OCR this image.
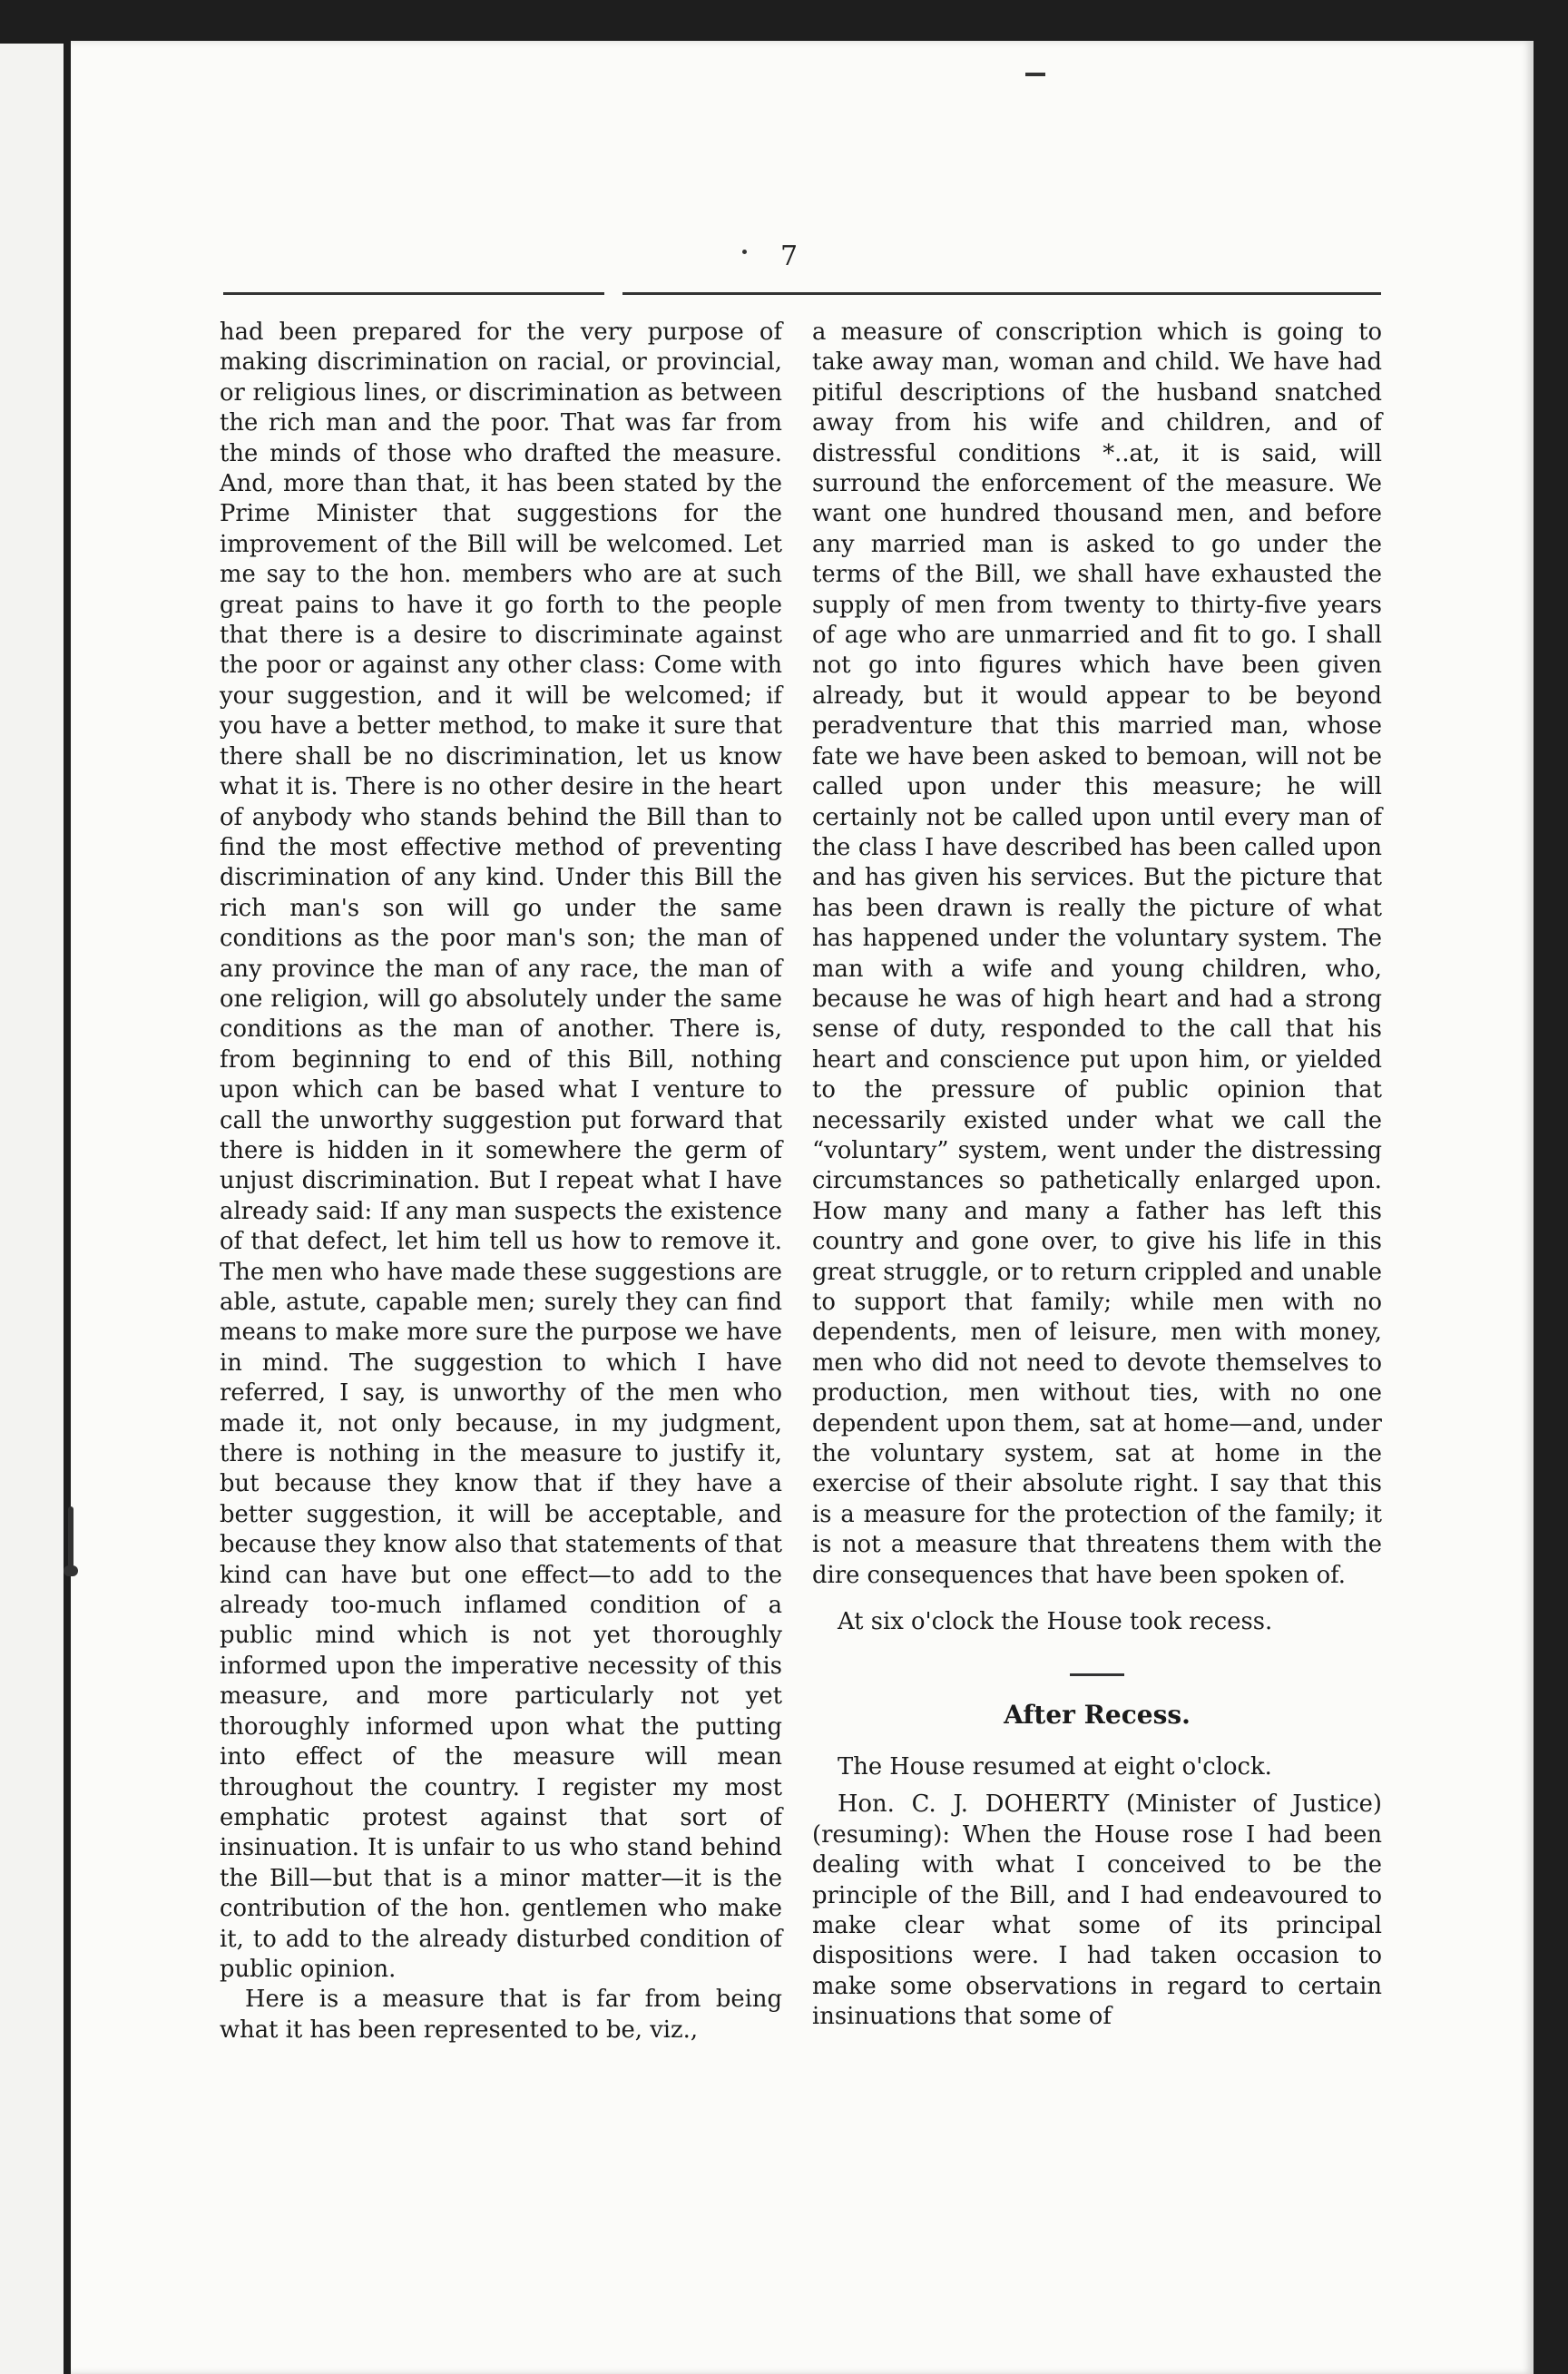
7

had been prepared for the very purpose of making discrimination on racial, or provincial, or religious lines, or discrimination as between the rich man and the poor. That was far from the minds of those who drafted the measure. And, more than that, it has been stated by the Prime Minister that suggestions for the improvement of the Bill will be welcomed. Let me say to the hon. members who are at such great pains to have it go forth to the people that there is a desire to discriminate against the poor or against any other class: Come with your suggestion, and it will be welcomed; if you have a better method, to make it sure that there shall be no discrimination, let us know what it is. There is no other desire in the heart of anybody who stands behind the Bill than to find the most effective method of preventing discrimination of any kind. Under this Bill the rich man's son will go under the same conditions as the poor man's son; the man of any province the man of any race, the man of one religion, will go absolutely under the same conditions as the man of another. There is, from beginning to end of this Bill, nothing upon which can be based what I venture to call the unworthy suggestion put forward that there is hidden in it somewhere the germ of unjust discrimination. But I repeat what I have already said: If any man suspects the existence of that defect, let him tell us how to remove it. The men who have made these suggestions are able, astute, capable men; surely they can find means to make more sure the purpose we have in mind. The suggestion to which I have referred, I say, is unworthy of the men who made it, not only because, in my judgment, there is nothing in the measure to justify it, but because they know that if they have a better suggestion, it will be acceptable, and because they know also that statements of that kind can have but one effect—to add to the already too-much inflamed condition of a public mind which is not yet thoroughly informed upon the imperative necessity of this measure, and more particularly not yet thoroughly informed upon what the putting into effect of the measure will mean throughout the country. I register my most emphatic protest against that sort of insinuation. It is unfair to us who stand behind the Bill—but that is a minor matter—it is the contribution of the hon. gentlemen who make it, to add to the already disturbed condition of public opinion.

Here is a measure that is far from being what it has been represented to be, viz.,

a measure of conscription which is going to take away man, woman and child. We have had pitiful descriptions of the husband snatched away from his wife and children, and of distressful conditions *..at, it is said, will surround the enforcement of the measure. We want one hundred thousand men, and before any married man is asked to go under the terms of the Bill, we shall have exhausted the supply of men from twenty to thirty-five years of age who are unmarried and fit to go. I shall not go into figures which have been given already, but it would appear to be beyond peradventure that this married man, whose fate we have been asked to bemoan, will not be called upon under this measure; he will certainly not be called upon until every man of the class I have described has been called upon and has given his services. But the picture that has been drawn is really the picture of what has happened under the voluntary system. The man with a wife and young children, who, because he was of high heart and had a strong sense of duty, responded to the call that his heart and conscience put upon him, or yielded to the pressure of public opinion that necessarily existed under what we call the “voluntary” system, went under the distressing circumstances so pathetically enlarged upon. How many and many a father has left this country and gone over, to give his life in this great struggle, or to return crippled and unable to support that family; while men with no dependents, men of leisure, men with money, men who did not need to devote themselves to production, men without ties, with no one dependent upon them, sat at home—and, under the voluntary system, sat at home in the exercise of their absolute right. I say that this is a measure for the protection of the family; it is not a measure that threatens them with the dire consequences that have been spoken of.

At six o'clock the House took recess.

After Recess.

The House resumed at eight o'clock.

Hon. C. J. DOHERTY (Minister of Justice) (resuming): When the House rose I had been dealing with what I conceived to be the principle of the Bill, and I had endeavoured to make clear what some of its principal dispositions were. I had taken occasion to make some observations in regard to certain insinuations that some of
